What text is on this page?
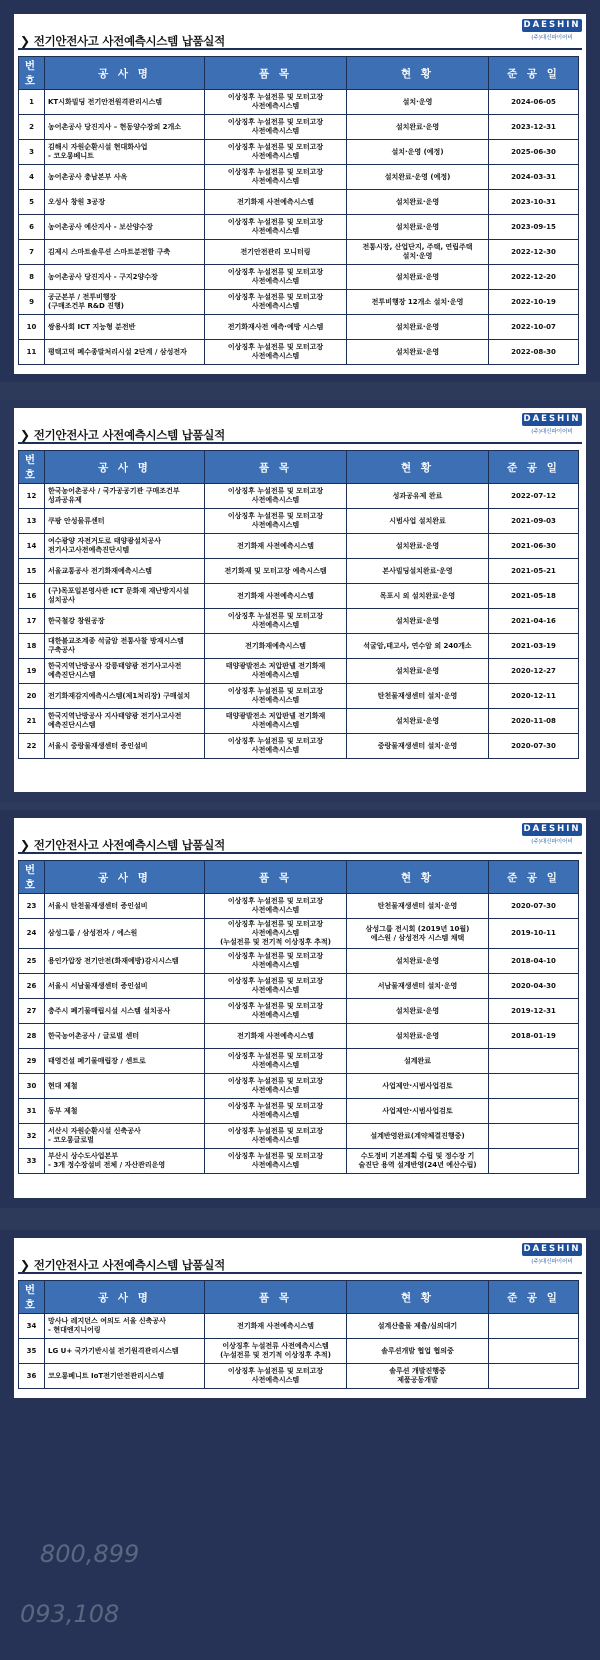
800,899
093,108
❯ 전기안전사고 사전예측시스템 납품실적
DAESHIN
(주)대신파이어비
번호	공 사 명	품 목	현 황	준 공 일
1	KT시화빌딩 전기안전원격관리시스템	이상징후 누설전류 및 모터고장
사전예측시스템	설치·운영	2024-06-05
2	농어촌공사 당진지사 – 현동양수장외 2개소	이상징후 누설전류 및 모터고장
사전예측시스템	설치완료·운영	2023-12-31
3	김해시 자원순환시설 현대화사업
- 코오롱베니트	이상징후 누설전류 및 모터고장
사전예측시스템	설치·운영 (예정)	2025-06-30
4	농어촌공사 충남본부 사옥	이상징후 누설전류 및 모터고장
사전예측시스템	설치완료·운영 (예정)	2024-03-31
5	오성사 창원 3공장	전기화재 사전예측시스템	설치완료·운영	2023-10-31
6	농어촌공사 예산지사 - 보산양수장	이상징후 누설전류 및 모터고장
사전예측시스템	설치완료·운영	2023-09-15
7	김제시 스마트솔루션 스마트분전함 구축	전기안전관리 모니터링	전통시장, 산업단지, 주택, 연립주택
설치·운영	2022-12-30
8	농어촌공사 당진지사 - 구지2양수장	이상징후 누설전류 및 모터고장
사전예측시스템	설치완료·운영	2022-12-20
9	공군본부 / 전투비행장
(구매조건부 R&D 진행)	이상징후 누설전류 및 모터고장
사전예측시스템	전투비행장 12개소 설치·운영	2022-10-19
10	쌍용사회 ICT 지능형 분전반	전기화재사전 예측·예방 시스템	설치완료·운영	2022-10-07
11	평택고덕 폐수종말처리시설 2단계 / 삼성전자	이상징후 누설전류 및 모터고장
사전예측시스템	설치완료·운영	2022-08-30
❯ 전기안전사고 사전예측시스템 납품실적
DAESHIN
(주)대신파이어비
번호	공 사 명	품 목	현 황	준 공 일
12	한국농어촌공사 / 국가공공기관 구매조건부
성과공유제	이상징후 누설전류 및 모터고장
사전예측시스템	성과공유제 완료	2022-07-12
13	쿠팡 안성물류센터	이상징후 누설전류 및 모터고장
사전예측시스템	시범사업 설치완료	2021-09-03
14	여수광양 자전거도로 태양광설치공사
전기사고사전예측진단시템	전기화재 사전예측시스템	설치완료·운영	2021-06-30
15	서울교통공사 전기화재예측시스템	전기화재 및 모터고장 예측시스템	본사빌딩설치완료·운영	2021-05-21
16	(구)목포일본영사관 ICT 문화재 재난방지시설
설치공사	전기화재 사전예측시스템	목포시 외 설치완료·운영	2021-05-18
17	한국철강 창원공장	이상징후 누설전류 및 모터고장
사전예측시스템	설치완료·운영	2021-04-16
18	대한불교조계종 석굴암 전통사찰 방재시스템
구축공사	전기화재예측시스템	석굴암,태고사, 연수암 외 240개소	2021-03-19
19	한국지역난방공사 강릉태양광 전기사고사전
예측진단시스템	태양광발전소 저압판넬 전기화재
사전예측시스템	설치완료·운영	2020-12-27
20	전기화재감지예측시스템(제1처리장) 구매설치	이상징후 누설전류 및 모터고장
사전예측시스템	탄천물재생센터 설치·운영	2020-12-11
21	한국지역난방공사 지사태양광 전기사고사전
예측진단시스템	태양광발전소 저압판넬 전기화재
사전예측시스템	설치완료·운영	2020-11-08
22	서울시 중랑물재생센터 증인설비	이상징후 누설전류 및 모터고장
사전예측시스템	중랑물재생센터 설치·운영	2020-07-30
❯ 전기안전사고 사전예측시스템 납품실적
DAESHIN
(주)대신파이어비
번호	공 사 명	품 목	현 황	준 공 일
23	서울시 탄천물재생센터 증인설비	이상징후 누설전류 및 모터고장
사전예측시스템	탄천물재생센터 설치·운영	2020-07-30
24	삼성그룹 / 삼성전자 / 에스원	이상징후 누설전류 및 모터고장
사전예측시스템
(누설전류 및 전기적 이상징후 추적)	삼성그룹 전시회 (2019년 10월)
에스원 / 삼성전자 시스템 채택	2019-10-11
25	용인가압장 전기안전(화재예방)감시시스템	이상징후 누설전류 및 모터고장
사전예측시스템	설치완료·운영	2018-04-10
26	서울시 서남물재생센터 증인설비	이상징후 누설전류 및 모터고장
사전예측시스템	서남물재생센터 설치·운영	2020-04-30
27	충주시 폐기물매립시설 시스템 설치공사	이상징후 누설전류 및 모터고장
사전예측시스템	설치완료·운영	2019-12-31
28	한국농어촌공사 / 글로벌 센터	전기화재 사전예측시스템	설치완료·운영	2018-01-19
29	태영건설 폐기물매립장 / 센트로	이상징후 누설전류 및 모터고장
사전예측시스템	설계완료	
30	현대 제철	이상징후 누설전류 및 모터고장
사전예측시스템	사업제안·시범사업검토	
31	동부 제철	이상징후 누설전류 및 모터고장
사전예측시스템	사업제안·시범사업검토	
32	서산시 자원순환시설 신축공사
- 코오롱글로벌	이상징후 누설전류 및 모터고장
사전예측시스템	설계반영완료(계약체결진행중)	
33	부산시 상수도사업본부
- 3개 정수장설비 전체 / 자산관리운영	이상징후 누설전류 및 모터고장
사전예측시스템	수도정비 기본계획 수립 및 정수장 기
술진단 용역 설계반영(24년 예산수립)	
❯ 전기안전사고 사전예측시스템 납품실적
DAESHIN
(주)대신파이어비
번호	공 사 명	품 목	현 황	준 공 일
34	망사나 레지던스 여의도 서울 신축공사
- 현대엔지니어링	전기화재 사전예측시스템	설계산출물 제출/심의대기	
35	LG U+ 국가기반시설 전기원격관리시스템	이상징후 누설전류 사전예측시스템
(누설전류 및 전기적 이상징후 추적)	솔루션개발 협업 협의중	
36	코오롱베니트 IoT전기안전관리시스템	이상징후 누설전류 및 모터고장
사전예측시스템	솔루션 개발진행중
제품공동개발	
